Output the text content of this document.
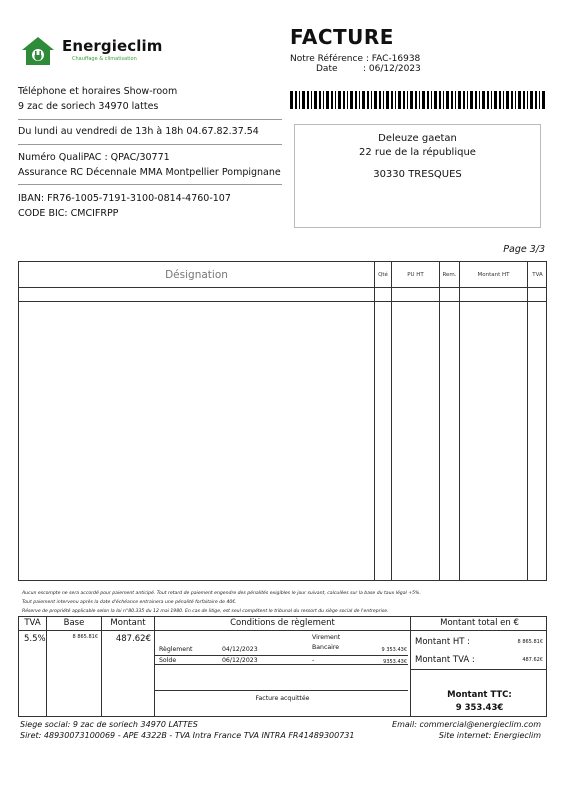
Energieclim
Chauffage & climatisation
FACTURE
Notre Référence : FAC-16938
Date	: 06/12/2023
Téléphone et horaires Show-room
9 zac de soriech 34970 lattes
Du lundi au vendredi de 13h à 18h 04.67.82.37.54
Numéro QualiPAC : QPAC/30771
Assurance RC Décennale MMA Montpellier Pompignane
IBAN: FR76-1005-7191-3100-0814-4760-107
CODE BIC: CMCIFRPP
Deleuze gaetan
22 rue de la république
30330 TRESQUES
Page 3/3
Désignation	Qté	PU HT	Rem.	Montant HT	TVA
Aucun escompte ne sera accordé pour paiement anticipé. Tout retard de paiement engendre des pénalités exigibles le jour suivant, calculées sur la base du taux légal +5%.
Tout paiement intervenu après la date d'échéance entrainera une pénalité forfaitaire de 40€.
Réserve de propriété applicable selon la loi n°80.335 du 12 mai 1980. En cas de litige, est seul compétent le tribunal du ressort du siège social de l'entreprise.
TVA	Base	Montant	Conditions de règlement	Montant total en €
5.5%	8 865.81€	487.62€
Règlement	04/12/2023
Virement
Bancaire	9 353.43€
Solde	06/12/2023	-	9353.43€
Facture acquittée
Montant HT :	8 865.81€
Montant TVA :	487.62€
Montant TTC:
9 353.43€
Siege social: 9 zac de soriech 34970 LATTES
Siret: 48930073100069 - APE 4322B - TVA Intra France TVA INTRA FR41489300731
Email: commercial@energieclim.com
Site internet: Energieclim
